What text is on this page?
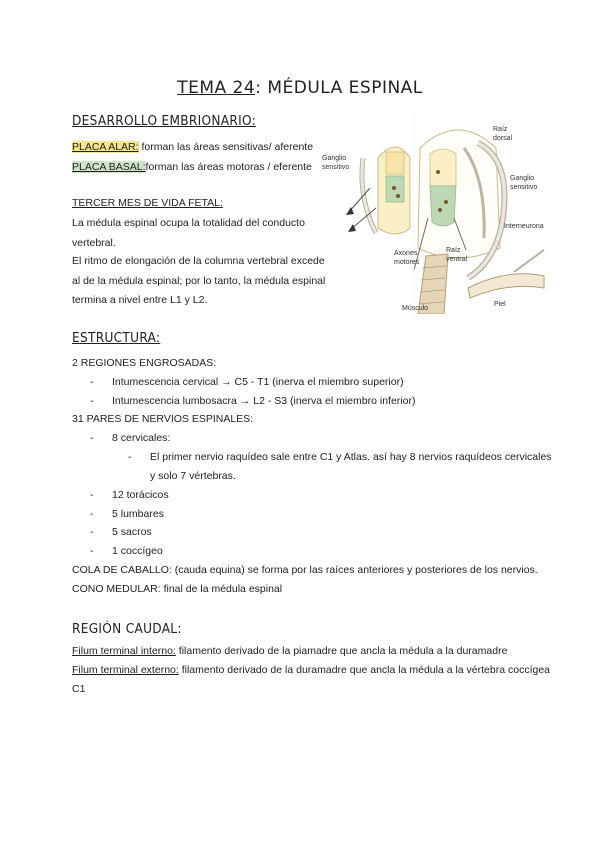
TEMA 24: MÉDULA ESPINAL
DESARROLLO EMBRIONARIO:
PLACA ALAR: forman las áreas sensitivas/ aferente
PLACA BASAL:forman las áreas motoras / eferente
TERCER MES DE VIDA FETAL:
La médula espinal ocupa la totalidad del conducto
vertebral.
El ritmo de elongación de la columna vertebral excede
al de la médula espinal; por lo tanto, la médula espinal
termina a nivel entre L1 y L2.
Raíz
dorsal
Ganglio
sensitivo
Ganglio
sensitivo
Interneurona
Axones
motores
Raíz
ventral
Músculo
Piel
ESTRUCTURA:
2 REGIONES ENGROSADAS:
- Intumescencia cervical → C5 - T1 (inerva el miembro superior)
- Intumescencia lumbosacra → L2 - S3 (inerva el miembro inferior)
31 PARES DE NERVIOS ESPINALES:
- 8 cervicales:
- El primer nervio raquídeo sale entre C1 y Atlas. así hay 8 nervios raquídeos cervicales
y solo 7 vértebras.
- 12 torácicos
- 5 lumbares
- 5 sacros
- 1 coccígeo
COLA DE CABALLO: (cauda equina) se forma por las raíces anteriores y posteriores de los nervios.
CONO MEDULAR: final de la médula espinal
REGIÓN CAUDAL:
Filum terminal interno: filamento derivado de la piamadre que ancla la médula a la duramadre
Filum terminal externo: filamento derivado de la duramadre que ancla la médula a la vértebra coccígea
C1
